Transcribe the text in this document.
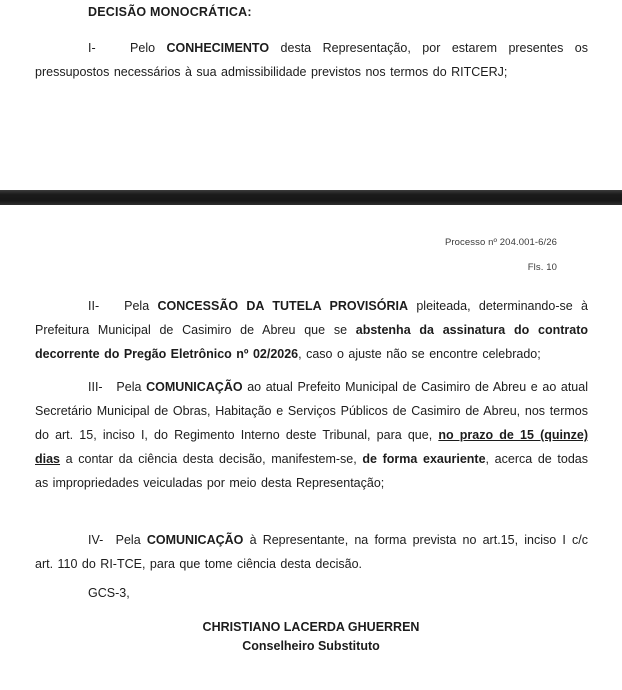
DECISÃO MONOCRÁTICA:
I-   Pelo CONHECIMENTO desta Representação, por estarem presentes os pressupostos necessários à sua admissibilidade previstos nos termos do RITCERJ;
Processo nº 204.001-6/26
Fls. 10
II-   Pela CONCESSÃO DA TUTELA PROVISÓRIA pleiteada, determinando-se à Prefeitura Municipal de Casimiro de Abreu que se abstenha da assinatura do contrato decorrente do Pregão Eletrônico nº 02/2026, caso o ajuste não se encontre celebrado;
III-   Pela COMUNICAÇÃO ao atual Prefeito Municipal de Casimiro de Abreu e ao atual Secretário Municipal de Obras, Habitação e Serviços Públicos de Casimiro de Abreu, nos termos do art. 15, inciso I, do Regimento Interno deste Tribunal, para que, no prazo de 15 (quinze) dias a contar da ciência desta decisão, manifestem-se, de forma exauriente, acerca de todas as impropriedades veiculadas por meio desta Representação;
IV-  Pela COMUNICAÇÃO à Representante, na forma prevista no art.15, inciso I c/c art. 110 do RI-TCE, para que tome ciência desta decisão.
GCS-3,
CHRISTIANO LACERDA GHUERREN
Conselheiro Substituto
